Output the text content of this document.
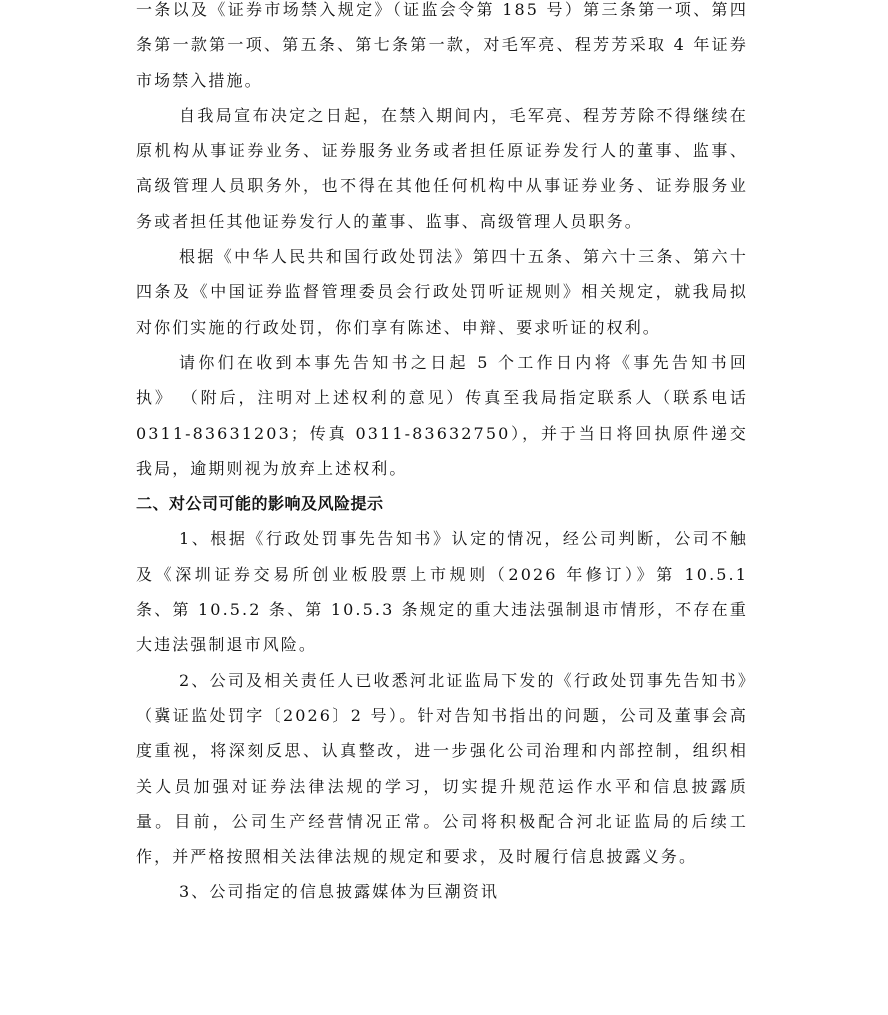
一条以及《证券市场禁入规定》（证监会令第 185 号）第三条第一项、第四条第一款第一项、第五条、第七条第一款，对毛军亮、程芳芳采取 4 年证券市场禁入措施。

自我局宣布决定之日起，在禁入期间内，毛军亮、程芳芳除不得继续在原机构从事证券业务、证券服务业务或者担任原证券发行人的董事、监事、高级管理人员职务外，也不得在其他任何机构中从事证券业务、证券服务业务或者担任其他证券发行人的董事、监事、高级管理人员职务。

根据《中华人民共和国行政处罚法》第四十五条、第六十三条、第六十四条及《中国证券监督管理委员会行政处罚听证规则》相关规定，就我局拟对你们实施的行政处罚，你们享有陈述、申辩、要求听证的权利。

请你们在收到本事先告知书之日起 5 个工作日内将《事先告知书回执》 （附后，注明对上述权利的意见）传真至我局指定联系人（联系电话 0311-83631203；传真 0311-83632750），并于当日将回执原件递交我局，逾期则视为放弃上述权利。

二、对公司可能的影响及风险提示

1、根据《行政处罚事先告知书》认定的情况，经公司判断，公司不触及《深圳证券交易所创业板股票上市规则（2026 年修订）》第 10.5.1 条、第 10.5.2 条、第 10.5.3 条规定的重大违法强制退市情形，不存在重大违法强制退市风险。

2、公司及相关责任人已收悉河北证监局下发的《行政处罚事先告知书》（冀证监处罚字〔2026〕2 号）。针对告知书指出的问题，公司及董事会高度重视，将深刻反思、认真整改，进一步强化公司治理和内部控制，组织相关人员加强对证券法律法规的学习，切实提升规范运作水平和信息披露质量。目前，公司生产经营情况正常。公司将积极配合河北证监局的后续工作，并严格按照相关法律法规的规定和要求，及时履行信息披露义务。

3、公司指定的信息披露媒体为巨潮资讯
